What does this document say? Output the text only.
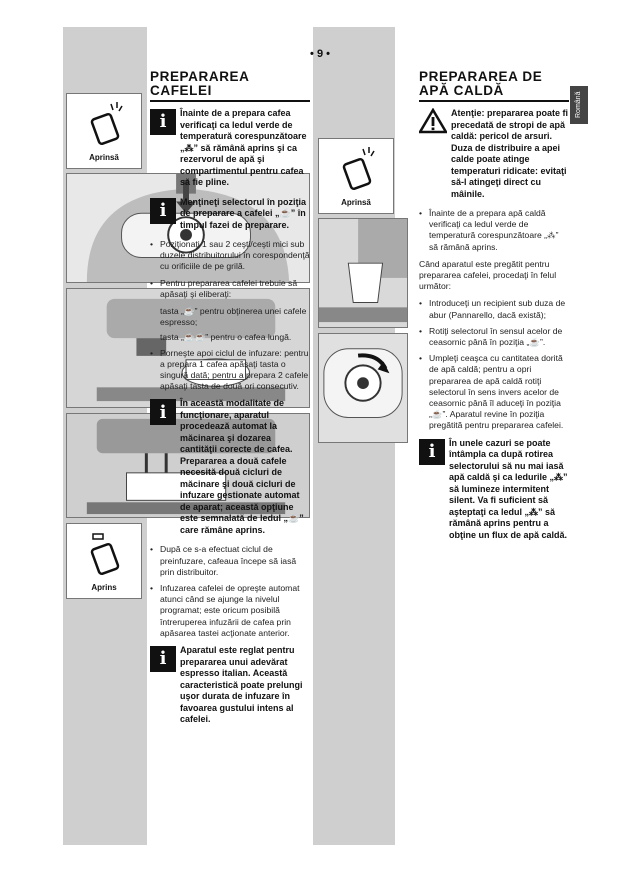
Română
• 9 •
Aprinsă
Aprins
Aprinsă
PREPARAREA CAFELEI
i	Înainte de a prepara cafea verificaţi ca ledul verde de temperatură corespunzătoare „⁂” să rămână aprins şi ca rezervorul de apă şi compartimentul pentru cafea să fie pline.
i	Menţineţi selectorul în poziţia de preparare a cafelei „☕” în timpul fazei de preparare.
• Poziţionaţi 1 sau 2 ceşti/ceşti mici sub duzele distribuitorului în corespondenţă cu orificiile de pe grilă.
• Pentru prepararea cafelei trebuie să apăsaţi şi eliberaţi:
tasta „☕” pentru obţinerea unei cafele espresso;
tasta „☕☕” pentru o cafea lungă.
• Porneşte apoi ciclul de infuzare: pentru a prepara 1 cafea apăsaţi tasta o singură dată; pentru a prepara 2 cafele apăsaţi tasta de două ori consecutiv.
i	În această modalitate de funcţionare, aparatul procedează automat la măcinarea şi dozarea cantităţii corecte de cafea. Prepararea a două cafele necesită două cicluri de măcinare şi două cicluri de infuzare gestionate automat de aparat; această opţiune este semnalată de ledul „☕” care rămâne aprins.
• După ce s-a efectuat ciclul de preinfuzare, cafeaua începe să iasă prin distribuitor.
• Infuzarea cafelei de opreşte automat atunci când se ajunge la nivelul programat; este oricum posibilă întreruperea infuzării de cafea prin apăsarea tastei acţionate anterior.
i	Aparatul este reglat pentru prepararea unui adevărat espresso italian. Această caracteristică poate prelungi uşor durata de infuzare în favoarea gustului intens al cafelei.
PREPARAREA DE APĂ CALDĂ
Atenţie: prepararea poate fi precedată de stropi de apă caldă: pericol de arsuri. Duza de distribuire a apei calde poate atinge temperaturi ridicate: evitaţi să-l atingeţi direct cu mâinile.
• Înainte de a prepara apă caldă verificaţi ca ledul verde de temperatură corespunzătoare „⁂” să rămână aprins.
Când aparatul este pregătit pentru prepararea cafelei, procedaţi în felul următor:
• Introduceţi un recipient sub duza de abur (Pannarello, dacă există);
• Rotiţi selectorul în sensul acelor de ceasornic până în poziţia „☕”.
• Umpleţi ceaşca cu cantitatea dorită de apă caldă; pentru a opri prepararea de apă caldă rotiţi selectorul în sens invers acelor de ceasornic până îl aduceţi în poziţia „☕”. Aparatul revine în poziţia pregătită pentru prepararea cafelei.
i	În unele cazuri se poate întâmpla ca după rotirea selectorului să nu mai iasă apă caldă şi ca ledurile „⁂” să lumineze intermitent silent. Va fi suficient să aşteptaţi ca ledul „⁂” să rămână aprins pentru a obţine un flux de apă caldă.
